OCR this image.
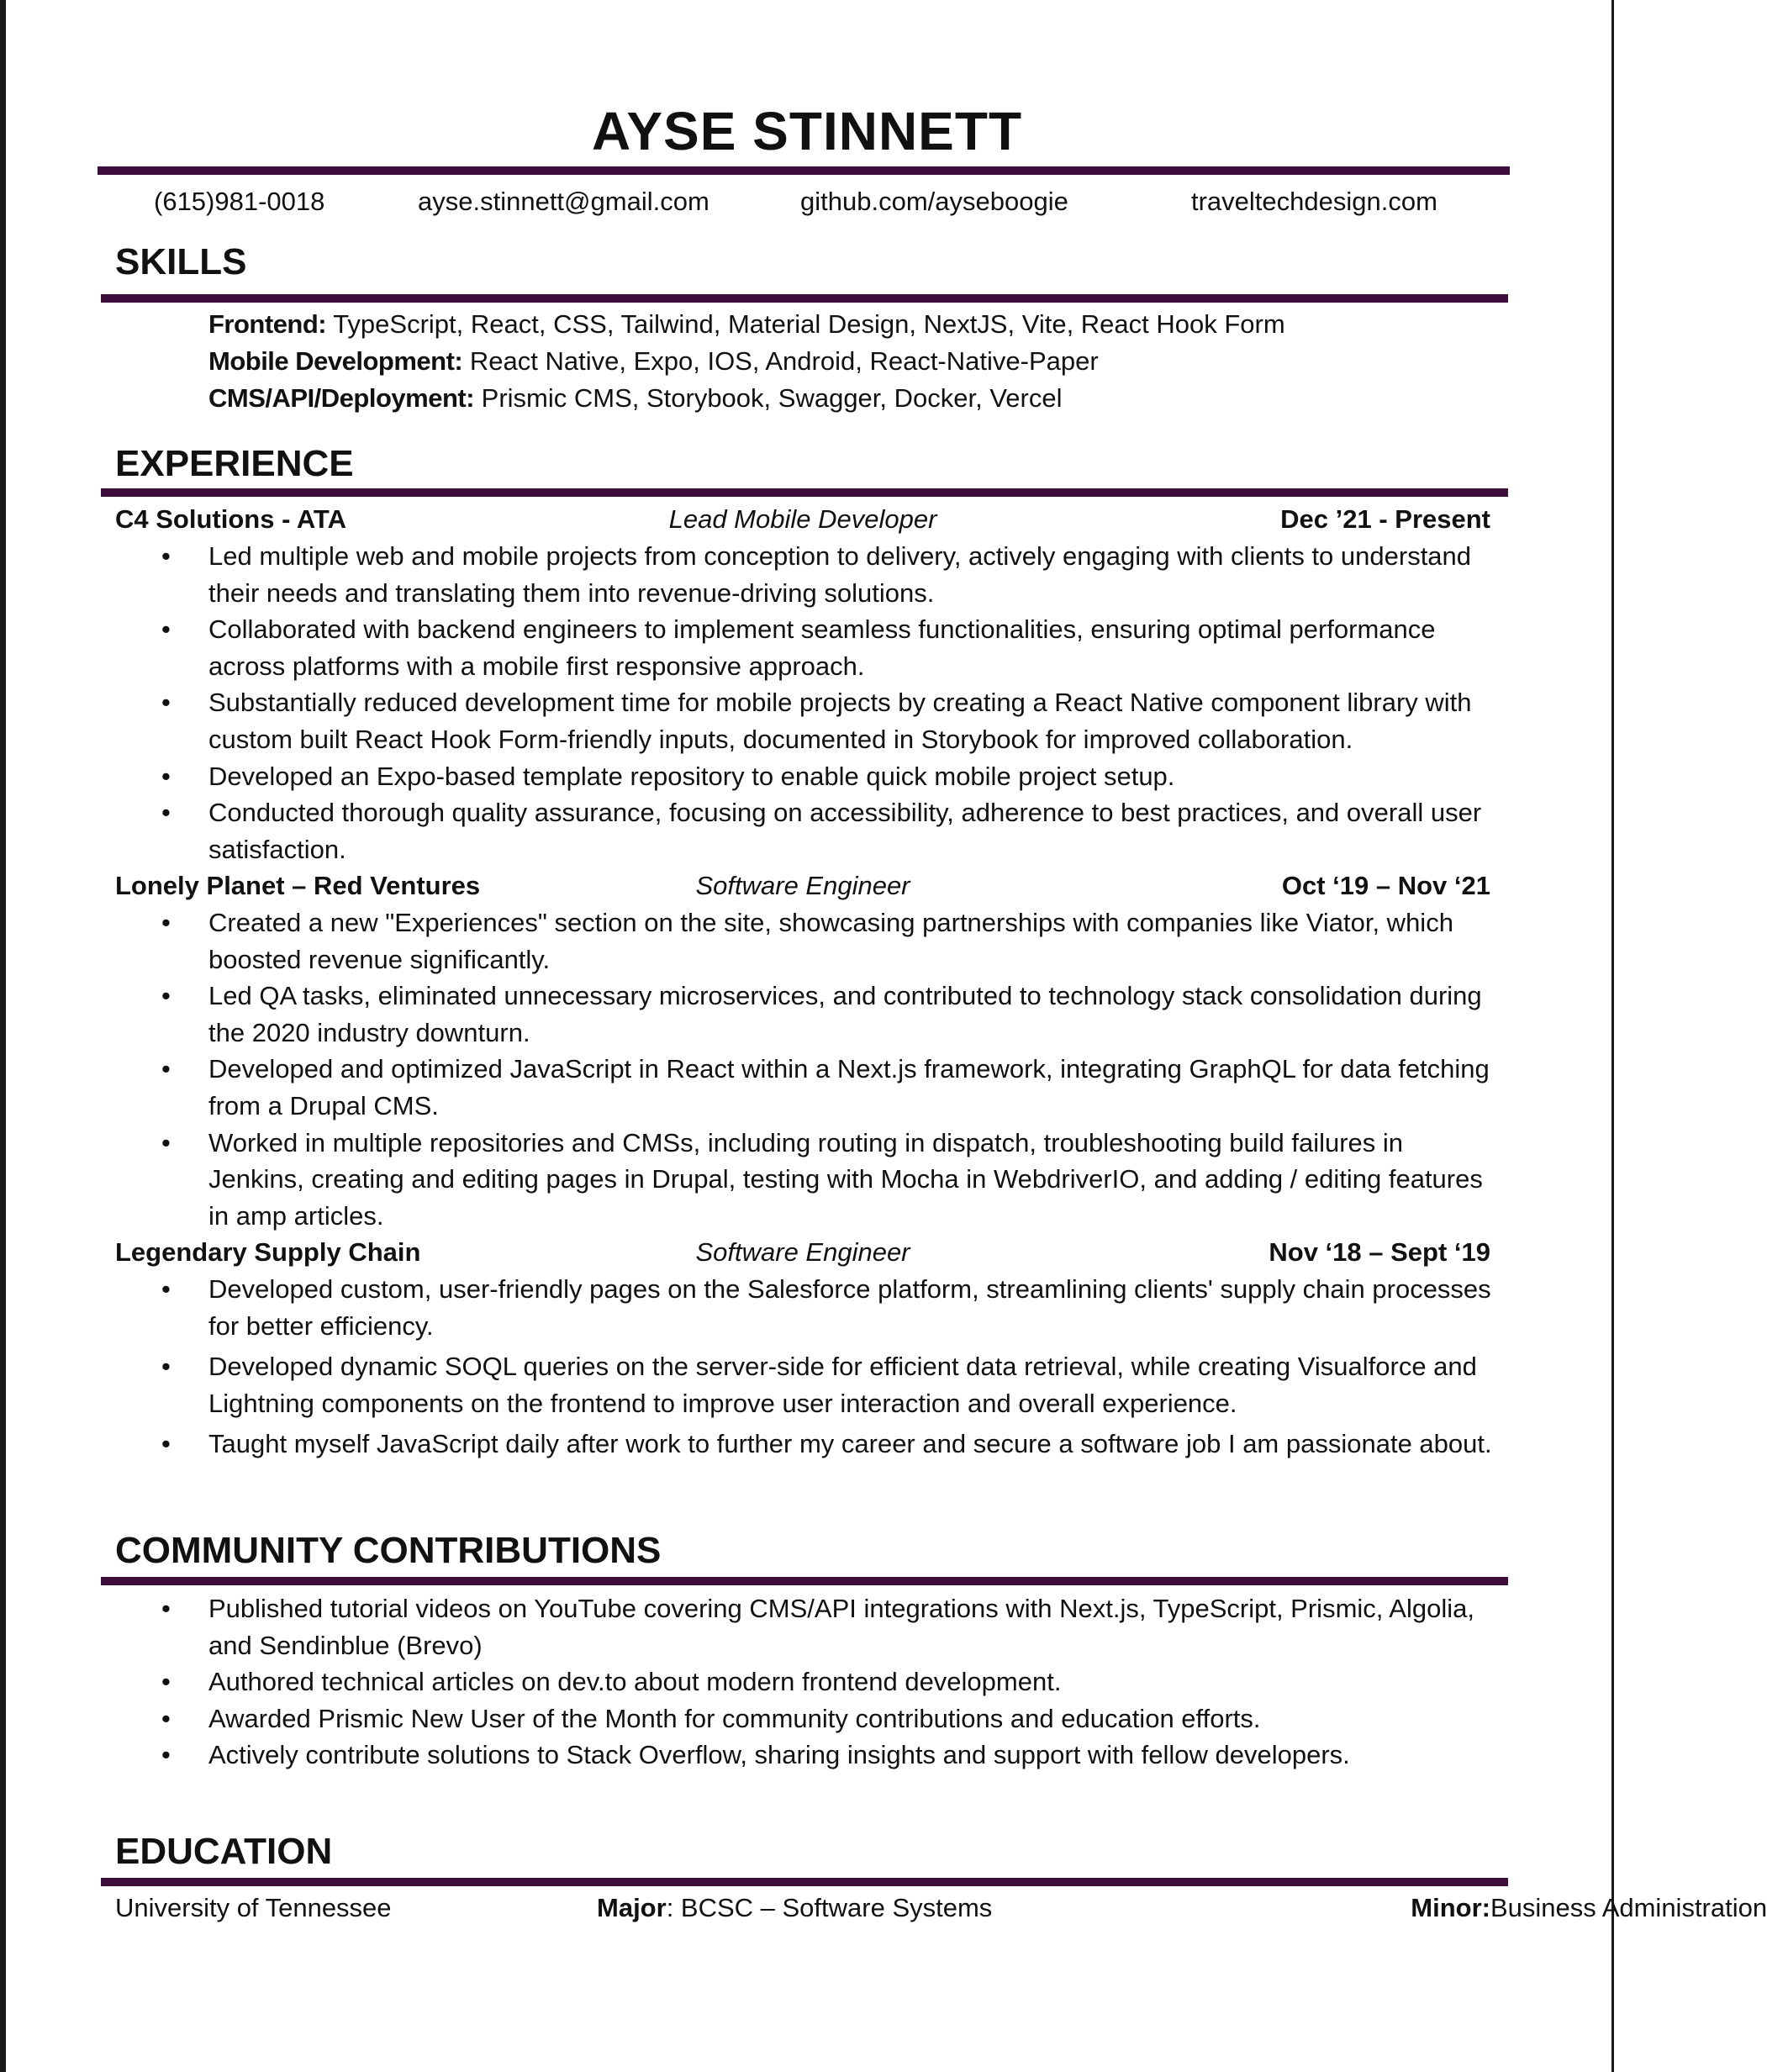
AYSE STINNETT
(615)981-0018	ayse.stinnett@gmail.com	github.com/ayseboogie	traveltechdesign.com
SKILLS
Frontend: TypeScript, React, CSS, Tailwind, Material Design, NextJS, Vite, React Hook Form
Mobile Development: React Native, Expo, IOS, Android, React-Native-Paper
CMS/API/Deployment: Prismic CMS, Storybook, Swagger, Docker, Vercel
EXPERIENCE
C4 Solutions - ATA	Lead Mobile Developer	Dec ’21 - Present
• Led multiple web and mobile projects from conception to delivery, actively engaging with clients to understand their needs and translating them into revenue-driving solutions.
• Collaborated with backend engineers to implement seamless functionalities, ensuring optimal performance across platforms with a mobile first responsive approach.
• Substantially reduced development time for mobile projects by creating a React Native component library with custom built React Hook Form-friendly inputs, documented in Storybook for improved collaboration.
• Developed an Expo-based template repository to enable quick mobile project setup.
• Conducted thorough quality assurance, focusing on accessibility, adherence to best practices, and overall user satisfaction.
Lonely Planet – Red Ventures	Software Engineer	Oct ‘19 – Nov ‘21
• Created a new "Experiences" section on the site, showcasing partnerships with companies like Viator, which boosted revenue significantly.
• Led QA tasks, eliminated unnecessary microservices, and contributed to technology stack consolidation during the 2020 industry downturn.
• Developed and optimized JavaScript in React within a Next.js framework, integrating GraphQL for data fetching from a Drupal CMS.
• Worked in multiple repositories and CMSs, including routing in dispatch, troubleshooting build failures in Jenkins, creating and editing pages in Drupal, testing with Mocha in WebdriverIO, and adding / editing features in amp articles.
Legendary Supply Chain	Software Engineer	Nov ‘18 – Sept ‘19
• Developed custom, user-friendly pages on the Salesforce platform, streamlining clients' supply chain processes for better efficiency.
• Developed dynamic SOQL queries on the server-side for efficient data retrieval, while creating Visualforce and Lightning components on the frontend to improve user interaction and overall experience.
• Taught myself JavaScript daily after work to further my career and secure a software job I am passionate about.
COMMUNITY CONTRIBUTIONS
• Published tutorial videos on YouTube covering CMS/API integrations with Next.js, TypeScript, Prismic, Algolia, and Sendinblue (Brevo)
• Authored technical articles on dev.to about modern frontend development.
• Awarded Prismic New User of the Month for community contributions and education efforts.
• Actively contribute solutions to Stack Overflow, sharing insights and support with fellow developers.
EDUCATION
University of Tennessee	Major : BCSC – Software Systems	Minor: Business Administration
